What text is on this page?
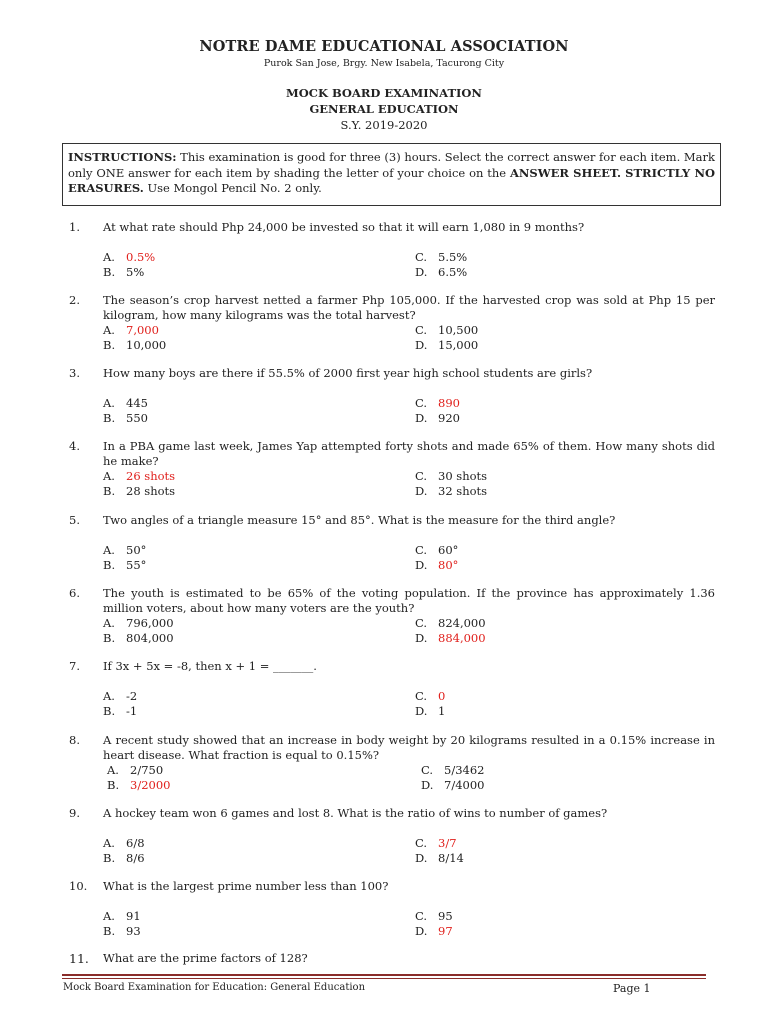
NOTRE DAME EDUCATIONAL ASSOCIATION
Purok San Jose, Brgy. New Isabela, Tacurong City
MOCK BOARD EXAMINATION
GENERAL EDUCATION
S.Y. 2019-2020
INSTRUCTIONS: This examination is good for three (3) hours. Select the correct answer for each item. Mark only ONE answer for each item by shading the letter of your choice on the ANSWER SHEET. STRICTLY NO ERASURES. Use Mongol Pencil No. 2 only.
1. At what rate should Php 24,000 be invested so that it will earn 1,080 in 9 months?
A. 0.5%
B. 5%
C. 5.5%
D. 6.5%
2. The season’s crop harvest netted a farmer Php 105,000. If the harvested crop was sold at Php 15 per kilogram, how many kilograms was the total harvest?
A. 7,000
B. 10,000
C. 10,500
D. 15,000
3. How many boys are there if 55.5% of 2000 first year high school students are girls?
A. 445
B. 550
C. 890
D. 920
4. In a PBA game last week, James Yap attempted forty shots and made 65% of them. How many shots did he make?
A. 26 shots
B. 28 shots
C. 30 shots
D. 32 shots
5. Two angles of a triangle measure 15° and 85°. What is the measure for the third angle?
A. 50°
B. 55°
C. 60°
D. 80°
6. The youth is estimated to be 65% of the voting population. If the province has approximately 1.36 million voters, about how many voters are the youth?
A. 796,000
B. 804,000
C. 824,000
D. 884,000
7. If 3x + 5x = -8, then x + 1 = _______.
A. -2
B. -1
C. 0
D. 1
8. A recent study showed that an increase in body weight by 20 kilograms resulted in a 0.15% increase in heart disease. What fraction is equal to 0.15%?
A. 2/750
B. 3/2000
C. 5/3462
D. 7/4000
9. A hockey team won 6 games and lost 8. What is the ratio of wins to number of games?
A. 6/8
B. 8/6
C. 3/7
D. 8/14
10. What is the largest prime number less than 100?
A. 91
B. 93
C. 95
D. 97
11. What are the prime factors of 128?
Mock Board Examination for Education: General Education	Page 1
